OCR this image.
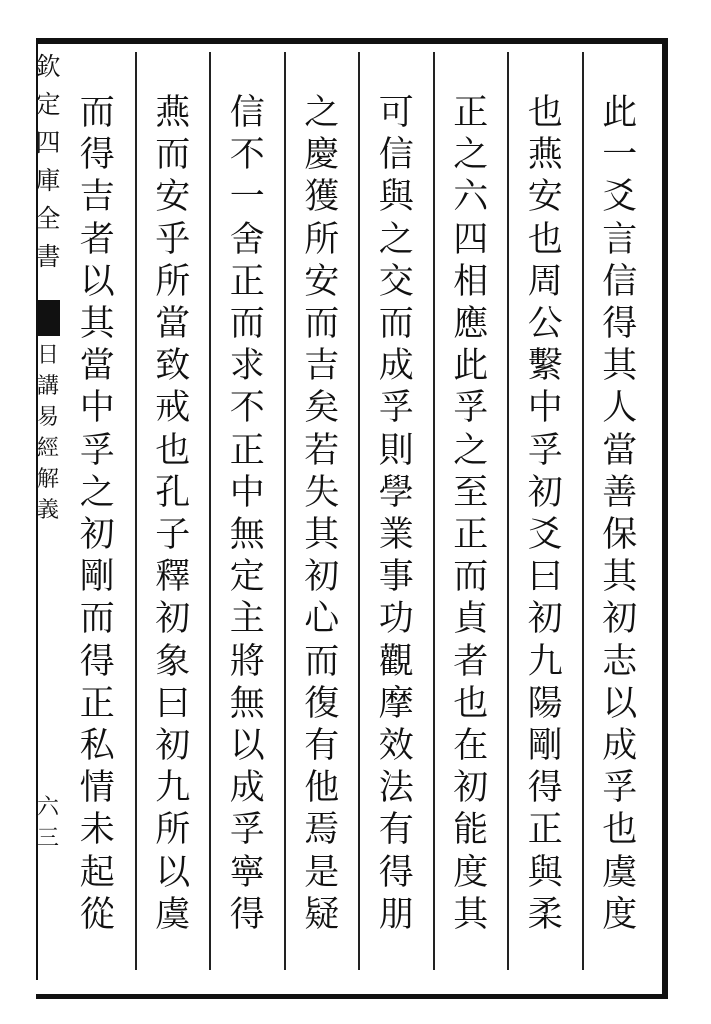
欽
定
四
庫
全
書
日
講
易
經
解
義
六三
此
一
爻
言
信
得
其
人
當
善
保
其
初
志
以
成
孚
也
虞
度
也
燕
安
也
周
公
繫
中
孚
初
爻
曰
初
九
陽
剛
得
正
與
柔
正
之
六
四
相
應
此
孚
之
至
正
而
貞
者
也
在
初
能
度
其
可
信
與
之
交
而
成
孚
則
學
業
事
功
觀
摩
效
法
有
得
朋
之
慶
獲
所
安
而
吉
矣
若
失
其
初
心
而
復
有
他
焉
是
疑
信
不
一
舍
正
而
求
不
正
中
無
定
主
將
無
以
成
孚
寧
得
燕
而
安
乎
所
當
致
戒
也
孔
子
釋
初
象
曰
初
九
所
以
虞
而
得
吉
者
以
其
當
中
孚
之
初
剛
而
得
正
私
情
未
起
從
